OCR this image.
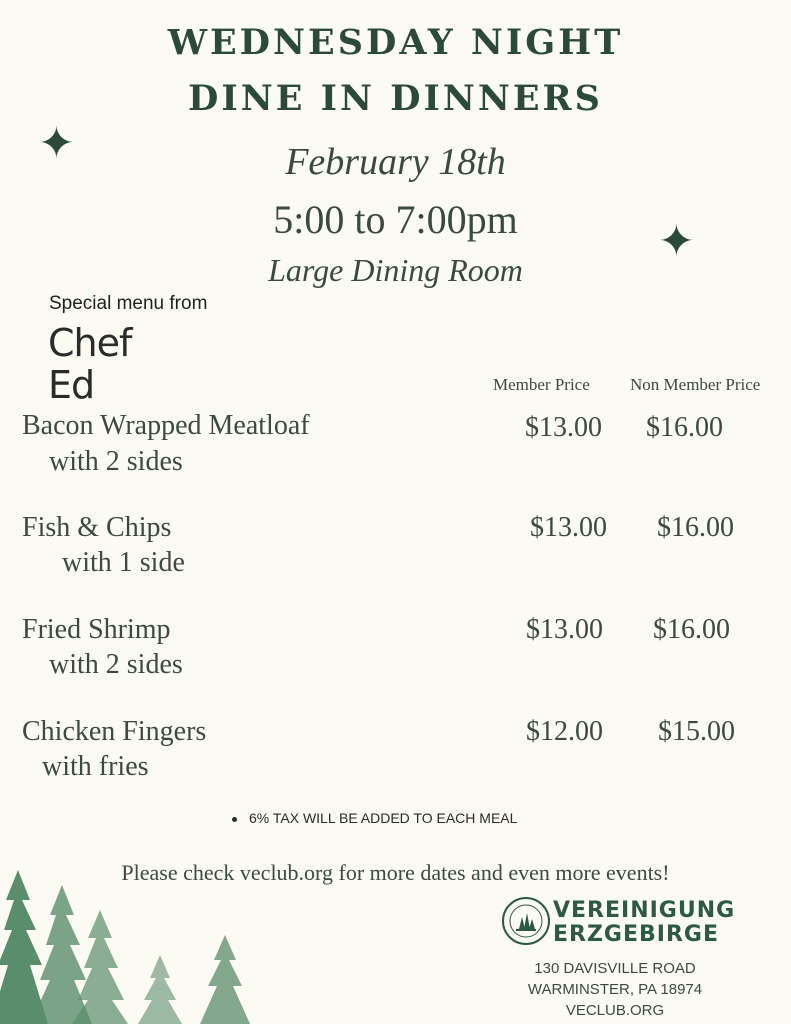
WEDNESDAY NIGHT
DINE IN DINNERS
✦
✦
February 18th
5:00 to 7:00pm
Large Dining Room
Special menu from
Chef
Ed	Member Price Non Member Price
Bacon Wrapped Meatloaf
with 2 sides
$13.00 $16.00
Fish & Chips
with 1 side
$13.00 $16.00
Fried Shrimp
with 2 sides
$13.00 $16.00
Chicken Fingers
with fries
$12.00 $15.00
6% TAX WILL BE ADDED TO EACH MEAL
Please check veclub.org for more dates and even more events!
VEREINIGUNG
ERZGEBIRGE
130 DAVISVILLE ROAD
WARMINSTER, PA 18974
VECLUB.ORG
